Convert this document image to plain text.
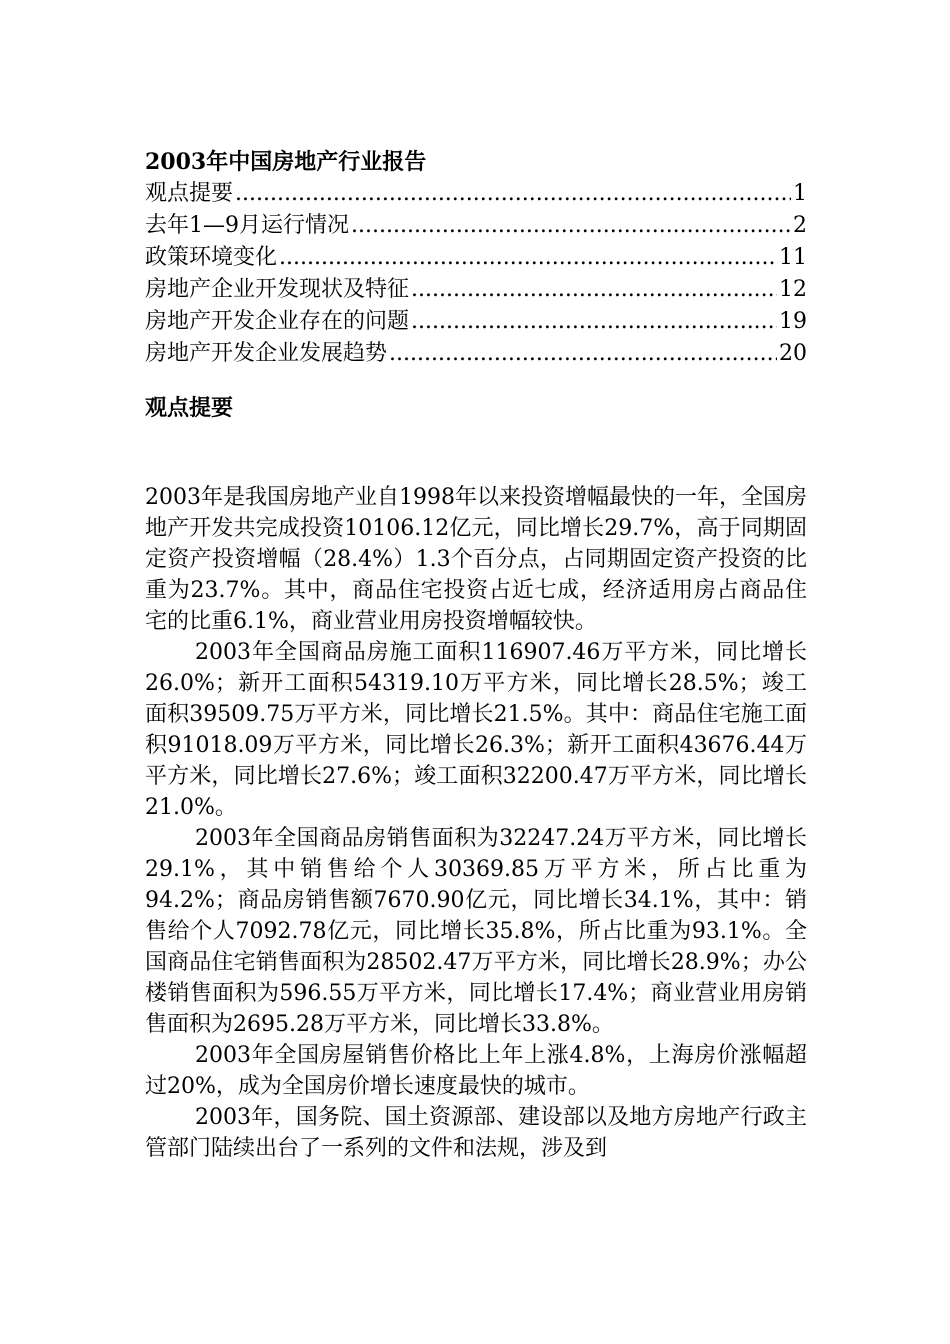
2003年中国房地产行业报告
观点提要 .....	1
去年1—9月运行情况 .....	2
政策环境变化 .....	11
房地产企业开发现状及特征 .....	12
房地产开发企业存在的问题 .....	19
房地产开发企业发展趋势 .....	20
观点提要

2003年是我国房地产业自1998年以来投资增幅最快的一年，全国房地产开发共完成投资10106.12亿元，同比增长29.7%，高于同期固定资产投资增幅（28.4%）1.3个百分点，占同期固定资产投资的比重为23.7%。其中，商品住宅投资占近七成，经济适用房占商品住宅的比重6.1%，商业营业用房投资增幅较快。

2003年全国商品房施工面积116907.46万平方米，同比增长26.0%；新开工面积54319.10万平方米，同比增长28.5%；竣工面积39509.75万平方米，同比增长21.5%。其中：商品住宅施工面积91018.09万平方米，同比增长26.3%；新开工面积43676.44万平方米，同比增长27.6%；竣工面积32200.47万平方米，同比增长21.0%。

2003年全国商品房销售面积为32247.24万平方米，同比增长29.1%，其中销售给个人30369.85万平方米，所占比重为94.2%；商品房销售额7670.90亿元，同比增长34.1%，其中：销售给个人7092.78亿元，同比增长35.8%，所占比重为93.1%。全国商品住宅销售面积为28502.47万平方米，同比增长28.9%；办公楼销售面积为596.55万平方米，同比增长17.4%；商业营业用房销售面积为2695.28万平方米，同比增长33.8%。

2003年全国房屋销售价格比上年上涨4.8%，上海房价涨幅超过20%，成为全国房价增长速度最快的城市。

2003年，国务院、国土资源部、建设部以及地方房地产行政主管部门陆续出台了一系列的文件和法规，涉及到
